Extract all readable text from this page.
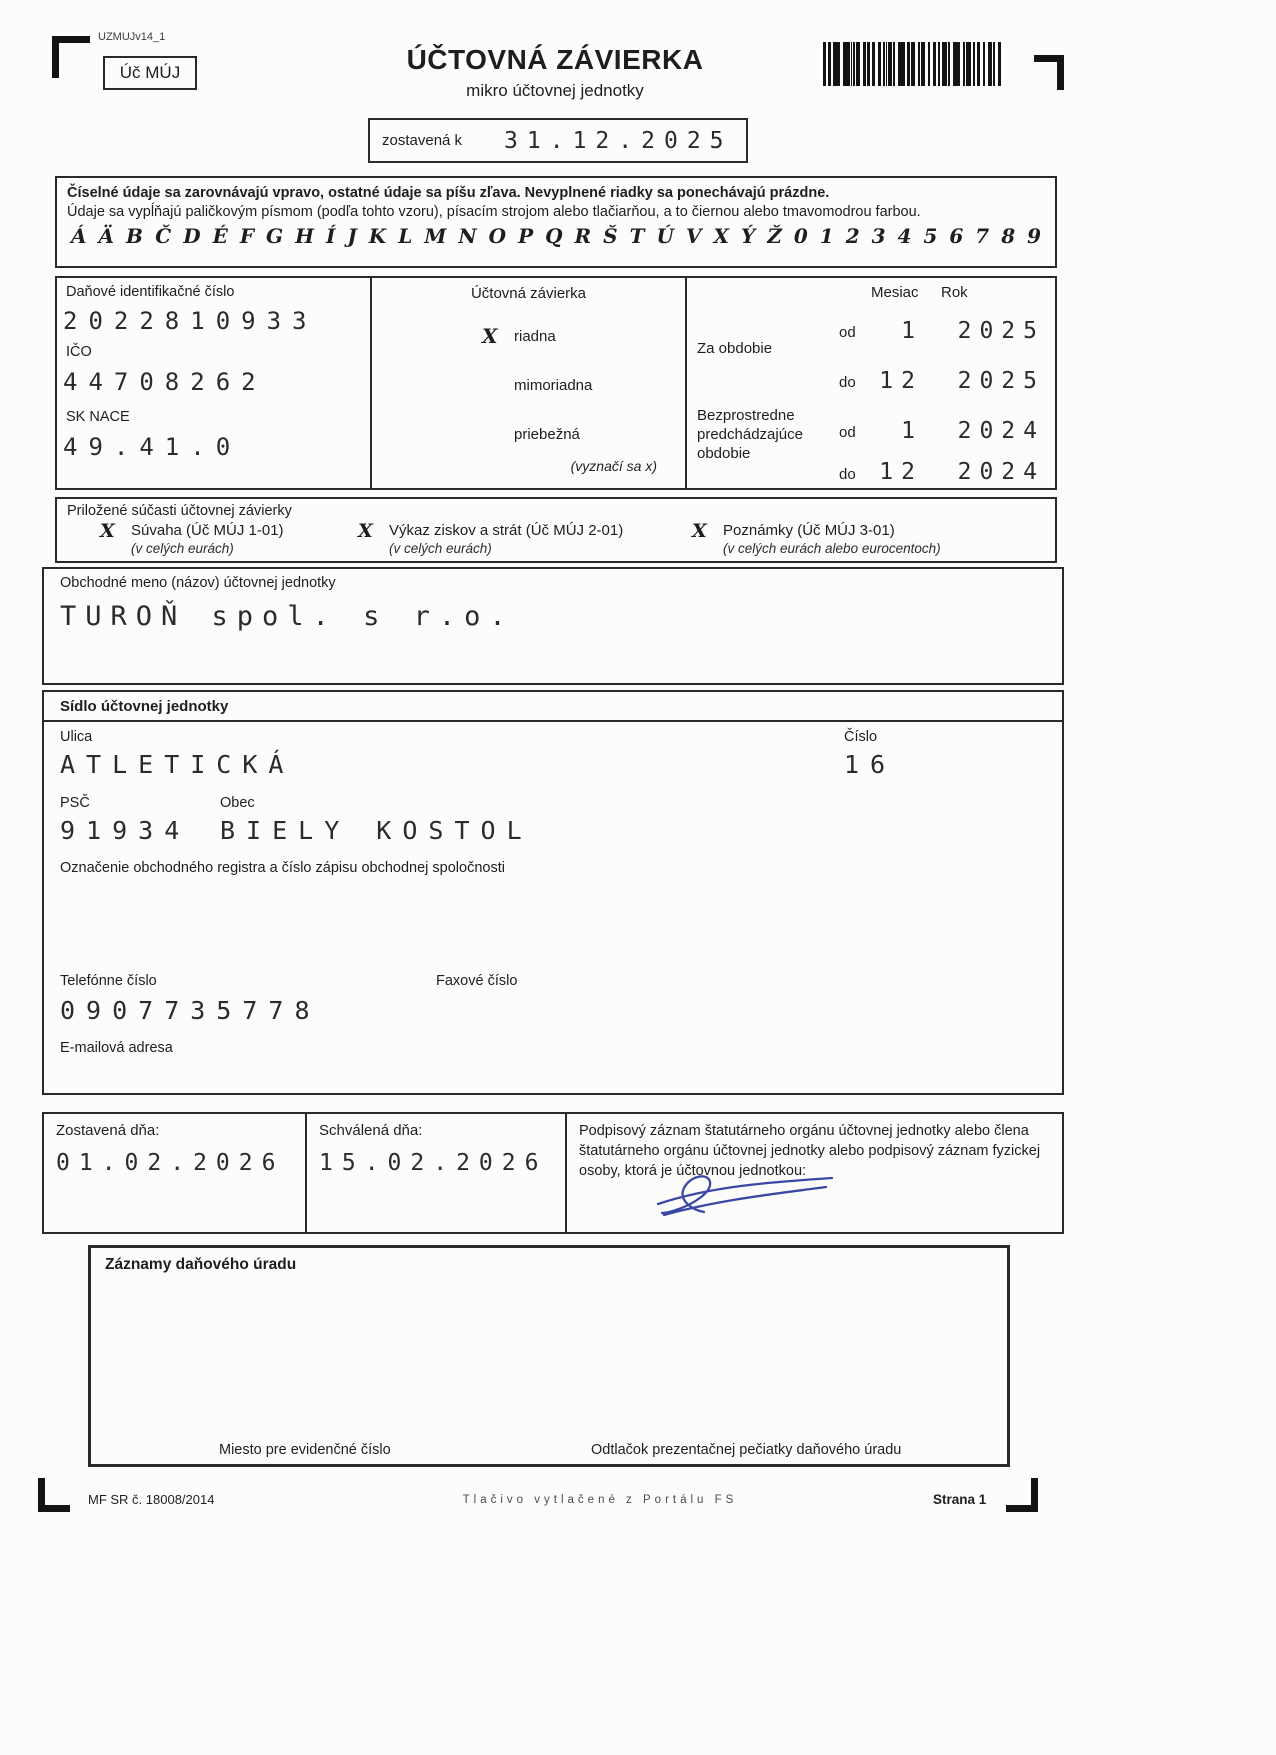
UZMUJv14_1
Úč MÚJ	ÚČTOVNÁ ZÁVIERKA
mikro účtovnej jednotky
zostavená k 31.12.2025
Číselné údaje sa zarovnávajú vpravo, ostatné údaje sa píšu zľava. Nevyplnené riadky sa ponechávajú prázdne.
Údaje sa vypĺňajú paličkovým písmom (podľa tohto vzoru), písacím strojom alebo tlačiarňou, a to čiernou alebo tmavomodrou farbou.
ÁÄBČDÉFGHÍJKLMNOPQRŠTÚVXÝŽ 0123456789
Daňové identifikačné číslo
2022810933
IČO
44708262
SK NACE
49.41.0
Účtovná závierka
X riadna
mimoriadna
priebežná
(vyznačí sa x)
Mesiac Rok
Za obdobie
od	1	2025
do	12	2025
Bezprostredne predchádzajúce obdobie
od	1	2024
do	12	2024
Priložené súčasti účtovnej závierky
X Súvaha (Úč MÚJ 1-01)
(v celých eurách)
X Výkaz ziskov a strát (Úč MÚJ 2-01)
(v celých eurách)
X Poznámky (Úč MÚJ 3-01)
(v celých eurách alebo eurocentoch)
Obchodné meno (názov) účtovnej jednotky
TUROŇ spol. s r.o.
Sídlo účtovnej jednotky
Ulica
ATLETICKÁ
Číslo
16
PSČ
91934
Obec
BIELY KOSTOL
Označenie obchodného registra a číslo zápisu obchodnej spoločnosti
Telefónne číslo
0907735778
Faxové číslo
E-mailová adresa
Zostavená dňa:
01.02.2026
Schválená dňa:
15.02.2026
Podpisový záznam štatutárneho orgánu účtovnej jednotky alebo člena štatutárneho orgánu účtovnej jednotky alebo podpisový záznam fyzickej osoby, ktorá je účtovnou jednotkou:
Záznamy daňového úradu
Miesto pre evidenčné číslo	Odtlačok prezentačnej pečiatky daňového úradu
MF SR č. 18008/2014	Tlačivo vytlačené z Portálu FS	Strana 1
